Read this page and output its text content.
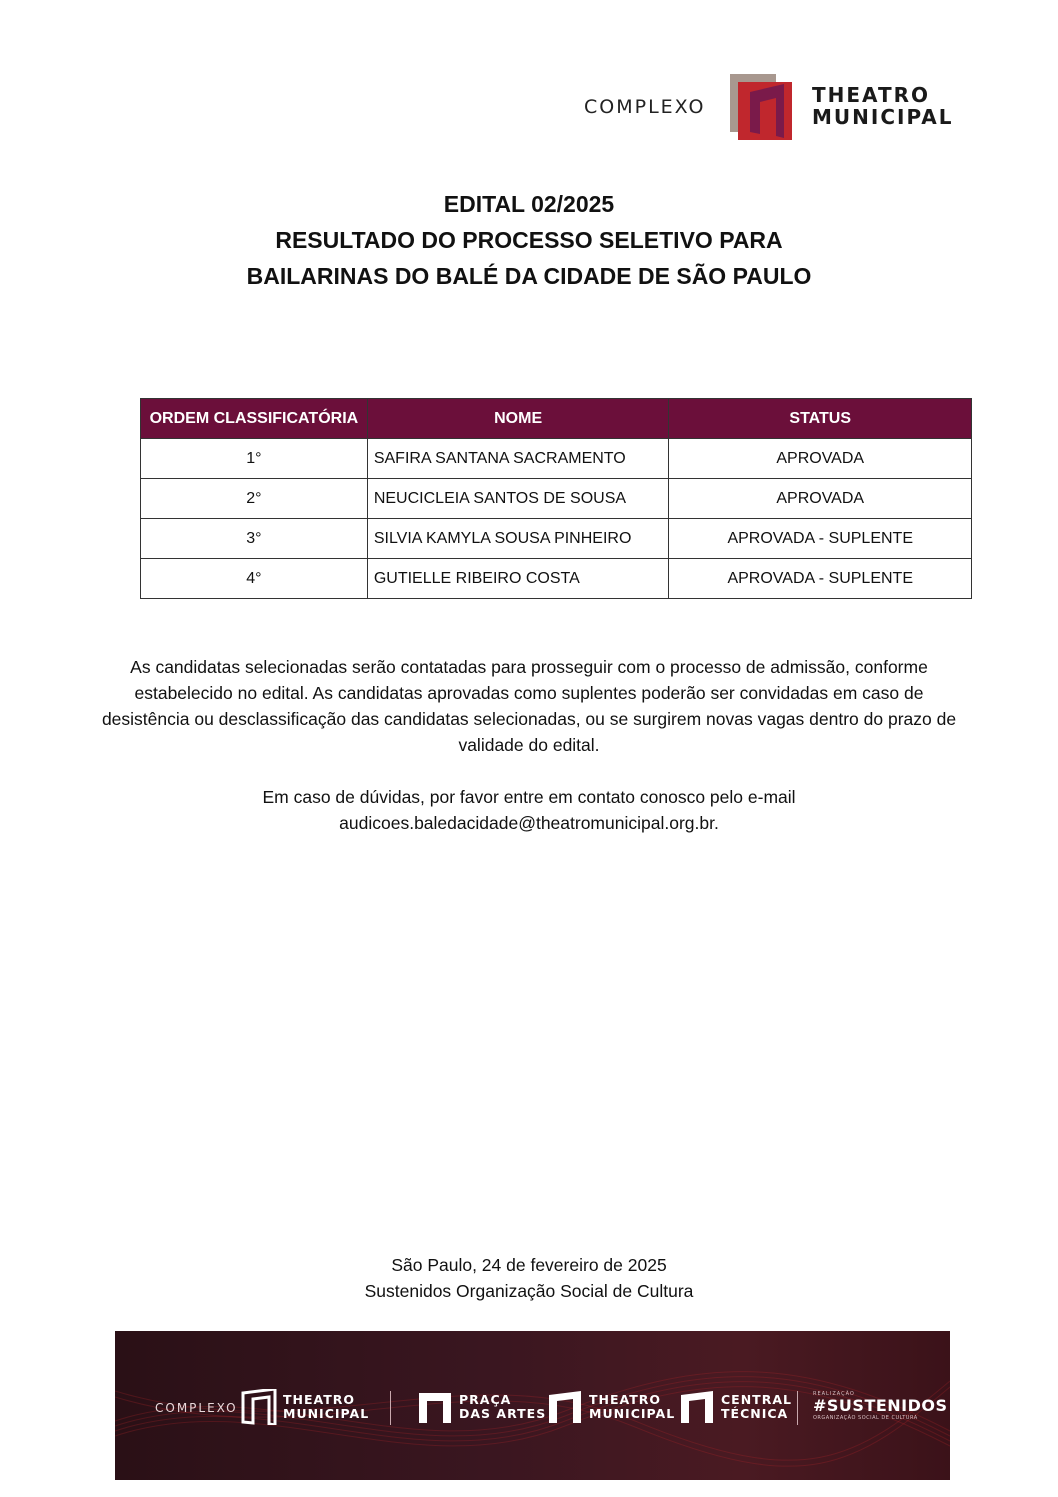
COMPLEXO	THEATRO
MUNICIPAL
EDITAL 02/2025
RESULTADO DO PROCESSO SELETIVO PARA
BAILARINAS DO BALÉ DA CIDADE DE SÃO PAULO
ORDEM CLASSIFICATÓRIA	NOME	STATUS
1°	SAFIRA SANTANA SACRAMENTO	APROVADA
2°	NEUCICLEIA SANTOS DE SOUSA	APROVADA
3°	SILVIA KAMYLA SOUSA PINHEIRO	APROVADA - SUPLENTE
4°	GUTIELLE RIBEIRO COSTA	APROVADA - SUPLENTE
As candidatas selecionadas serão contatadas para prosseguir com o processo de admissão, conforme
estabelecido no edital. As candidatas aprovadas como suplentes poderão ser convidadas em caso de
desistência ou desclassificação das candidatas selecionadas, ou se surgirem novas vagas dentro do prazo de
validade do edital.
Em caso de dúvidas, por favor entre em contato conosco pelo e-mail
audicoes.baledacidade@theatromunicipal.org.br.
São Paulo, 24 de fevereiro de 2025
Sustenidos Organização Social de Cultura
COMPLEXO
THEATRO
MUNICIPAL
PRAÇA
DAS ARTES
THEATRO
MUNICIPAL
CENTRAL
TÉCNICA
REALIZAÇÃO
#SUSTENIDOS
ORGANIZAÇÃO SOCIAL DE CULTURA
